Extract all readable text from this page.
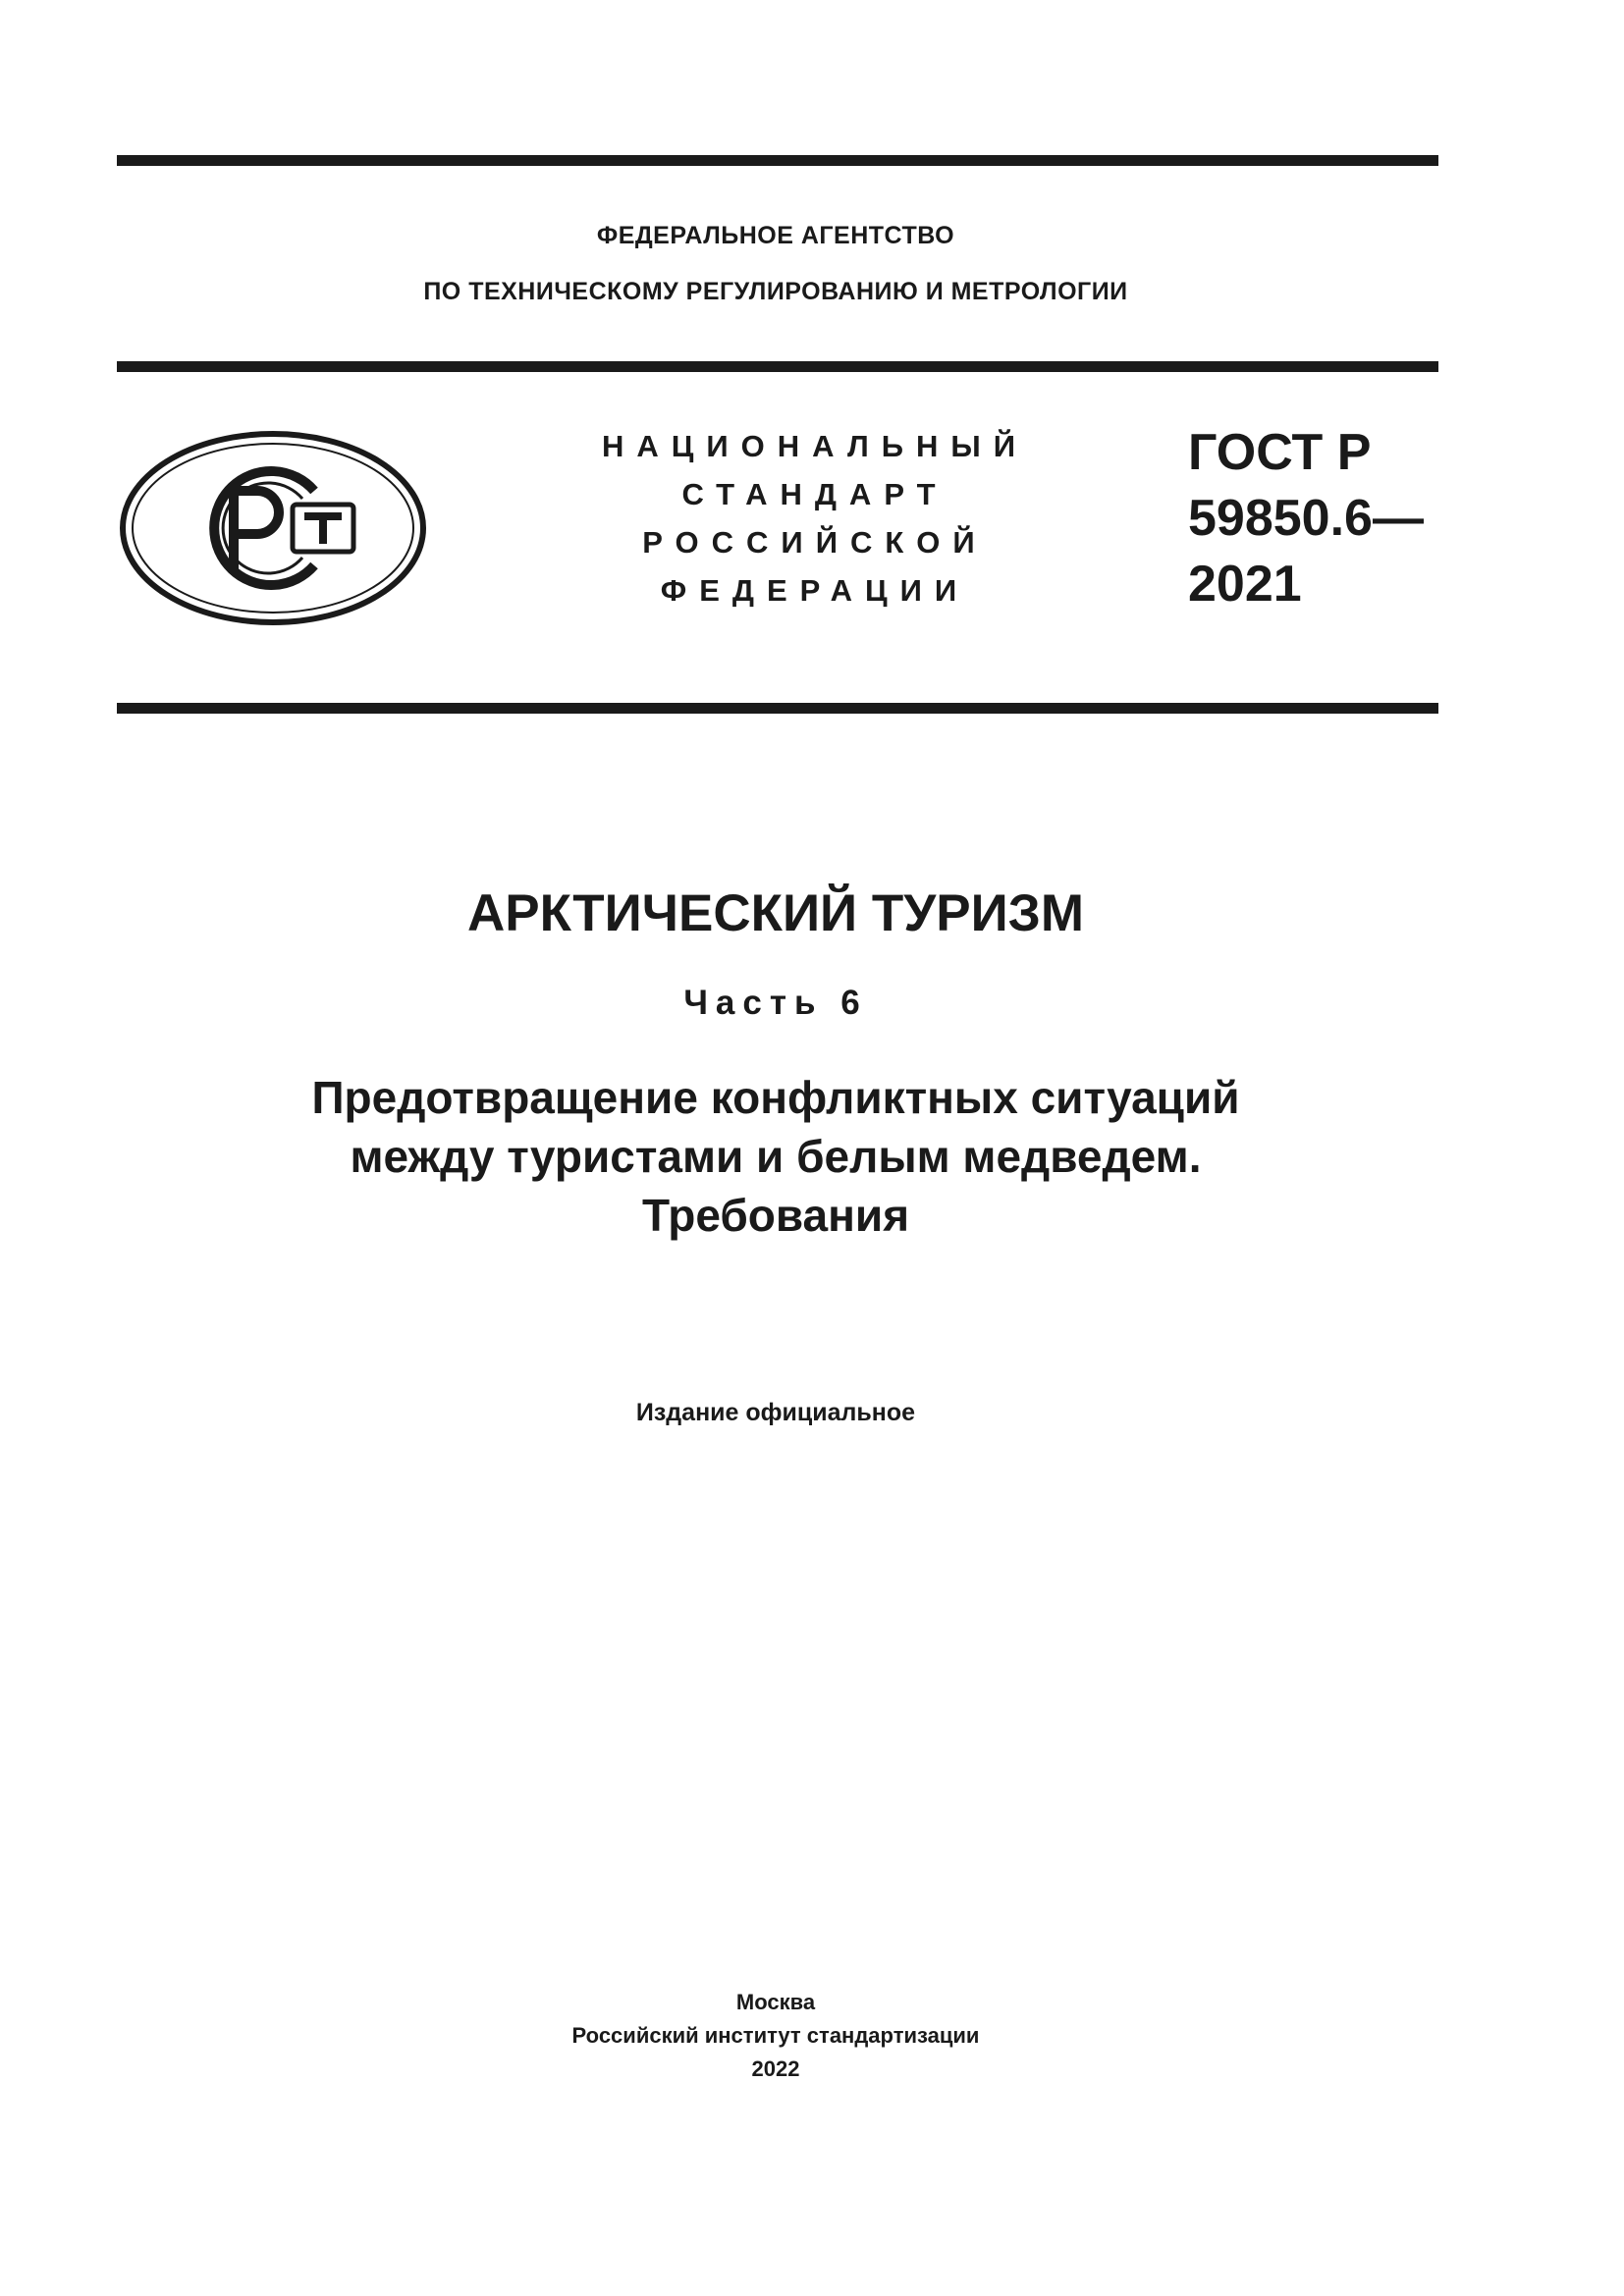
ФЕДЕРАЛЬНОЕ АГЕНТСТВО
ПО ТЕХНИЧЕСКОМУ РЕГУЛИРОВАНИЮ И МЕТРОЛОГИИ
НАЦИОНАЛЬНЫЙ
СТАНДАРТ
РОССИЙСКОЙ
ФЕДЕРАЦИИ
ГОСТ Р
59850.6—
2021
АРКТИЧЕСКИЙ ТУРИЗМ
Часть 6
Предотвращение конфликтных ситуаций
между туристами и белым медведем.
Требования
Издание официальное
Москва
Российский институт стандартизации
2022
